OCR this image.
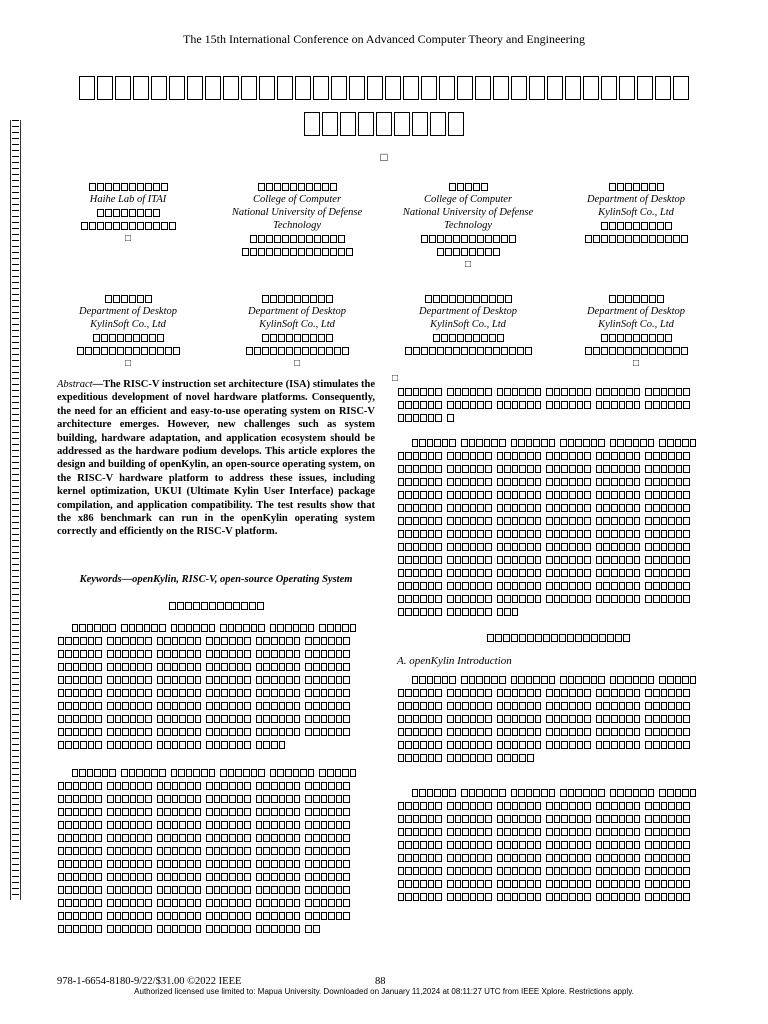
The 15th International Conference on Advanced Computer Theory and Engineering
□
□
Abstract—The RISC-V instruction set architecture (ISA) stimulates the expeditious development of novel hardware platforms. Consequently, the need for an efficient and easy-to-use operating system on RISC-V architecture emerges. However, new challenges such as system building, hardware adaptation, and application ecosystem should be addressed as the hardware podium develops. This article explores the design and building of openKylin, an open-source operating system, on the RISC-V hardware platform to address these issues, including kernel optimization, UKUI (Ultimate Kylin User Interface) package compilation, and application compatibility. The test results show that the x86 benchmark can run in the openKylin operating system correctly and efficiently on the RISC-V platform.
Keywords—openKylin, RISC-V, open-source Operating System
A. openKylin Introduction
978-1-6654-8180-9/22/$31.00 ©2022 IEEE	88
Authorized licensed use limited to: Mapua University. Downloaded on January 11,2024 at 08:11:27 UTC from IEEE Xplore. Restrictions apply.
Haihe Lab of ITAI
□
College of Computer
National University of Defense
Technology
College of Computer
National University of Defense
Technology
□
Department of Desktop
KylinSoft Co., Ltd
Department of Desktop
KylinSoft Co., Ltd
□
Department of Desktop
KylinSoft Co., Ltd
□
Department of Desktop
KylinSoft Co., Ltd
Department of Desktop
KylinSoft Co., Ltd
□
